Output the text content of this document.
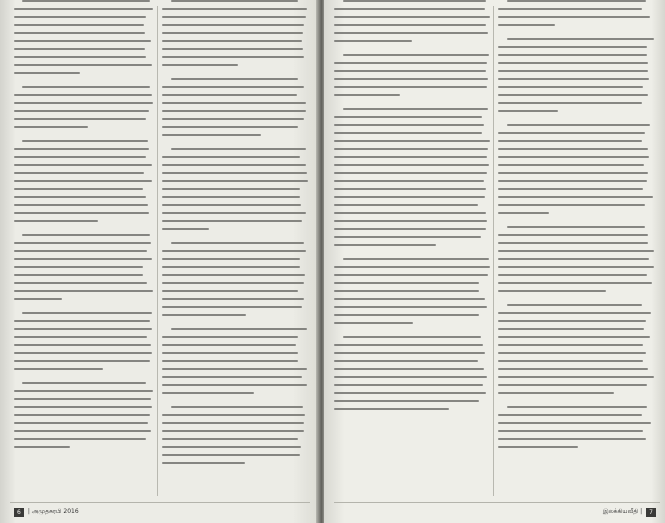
6	| அமுதசுரபி 2016	இலக்கியவீதி |	7
